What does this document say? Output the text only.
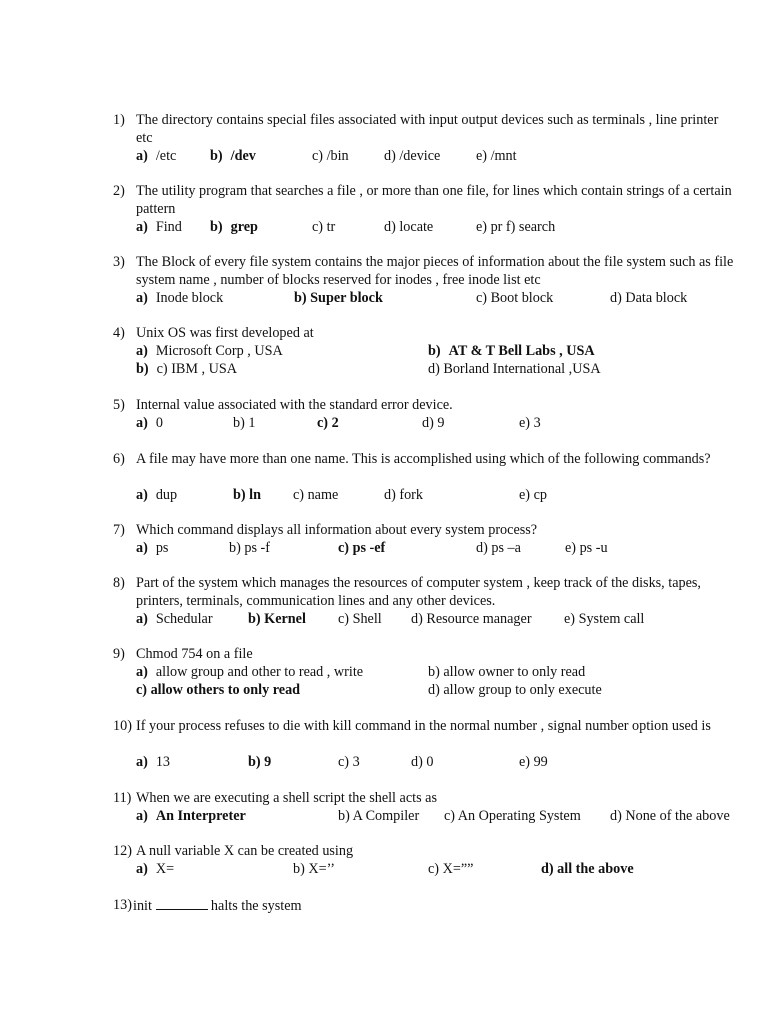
1) The directory contains special files associated with input output devices such as terminals , line printer etc
a) /etc b) /dev	c) /bin d) /device	e) /mnt
2) The utility program that searches a file , or more than one file, for lines which contain strings of a certain pattern
a) Find b) grep	c) tr	d) locate	e) pr f) search
3) The Block of every file system contains the major pieces of information about the file system such as file system name , number of blocks reserved for inodes , free inode list etc
a) Inode block	b) Super block	c) Boot block	d) Data block
4) Unix OS was first developed at
a) Microsoft Corp , USA	b) AT & T Bell Labs , USA
b) c) IBM , USA	d) Borland International ,USA
5) Internal value associated with the standard error device.
a) 0	b) 1	c) 2	d) 9	e) 3
6) A file may have more than one name. This is accomplished using which of the following commands?
a) dup	b) ln c) name	d) fork	e) cp
7) Which command displays all information about every system process?
a) ps	b) ps -f	c) ps -ef	d) ps –a	e) ps -u
8) Part of the system which manages the resources of computer system , keep track of the disks, tapes, printers, terminals, communication lines and any other devices.
a) Schedular b) Kernel c) Shell d) Resource manager e) System call
9) Chmod 754 on a file
a) allow group and other to read , write	b) allow owner to only read
c) allow others to only read	d) allow group to only execute
10) If your process refuses to die with kill command in the normal number , signal number option used is
a) 13	b) 9	c) 3	d) 0	e) 99
11) When we are executing a shell script the shell acts as
a) An Interpreter	b) A Compiler c) An Operating System d) None of the above
12) A null variable X can be created using
a) X=	b) X=’’	c) X=””	d) all the above
13) init	halts the system
